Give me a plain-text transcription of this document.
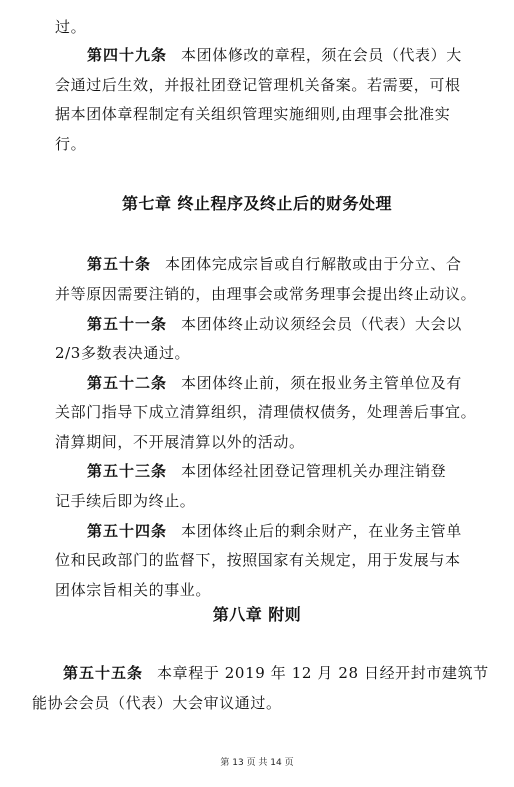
过。
第四十九条 本团体修改的章程，须在会员（代表）大
会通过后生效，并报社团登记管理机关备案。若需要，可根
据本团体章程制定有关组织管理实施细则,由理事会批准实
行。
第七章 终止程序及终止后的财务处理
第五十条 本团体完成宗旨或自行解散或由于分立、合
并等原因需要注销的，由理事会或常务理事会提出终止动议。
第五十一条 本团体终止动议须经会员（代表）大会以
2/3多数表决通过。
第五十二条 本团体终止前，须在报业务主管单位及有
关部门指导下成立清算组织，清理债权债务，处理善后事宜。
清算期间，不开展清算以外的活动。
第五十三条 本团体经社团登记管理机关办理注销登
记手续后即为终止。
第五十四条 本团体终止后的剩余财产，在业务主管单
位和民政部门的监督下，按照国家有关规定，用于发展与本
团体宗旨相关的事业。
第八章 附则
第五十五条 本章程于 2019 年 12 月 28 日经开封市建筑节
能协会会员（代表）大会审议通过。
第 13 页 共 14 页
